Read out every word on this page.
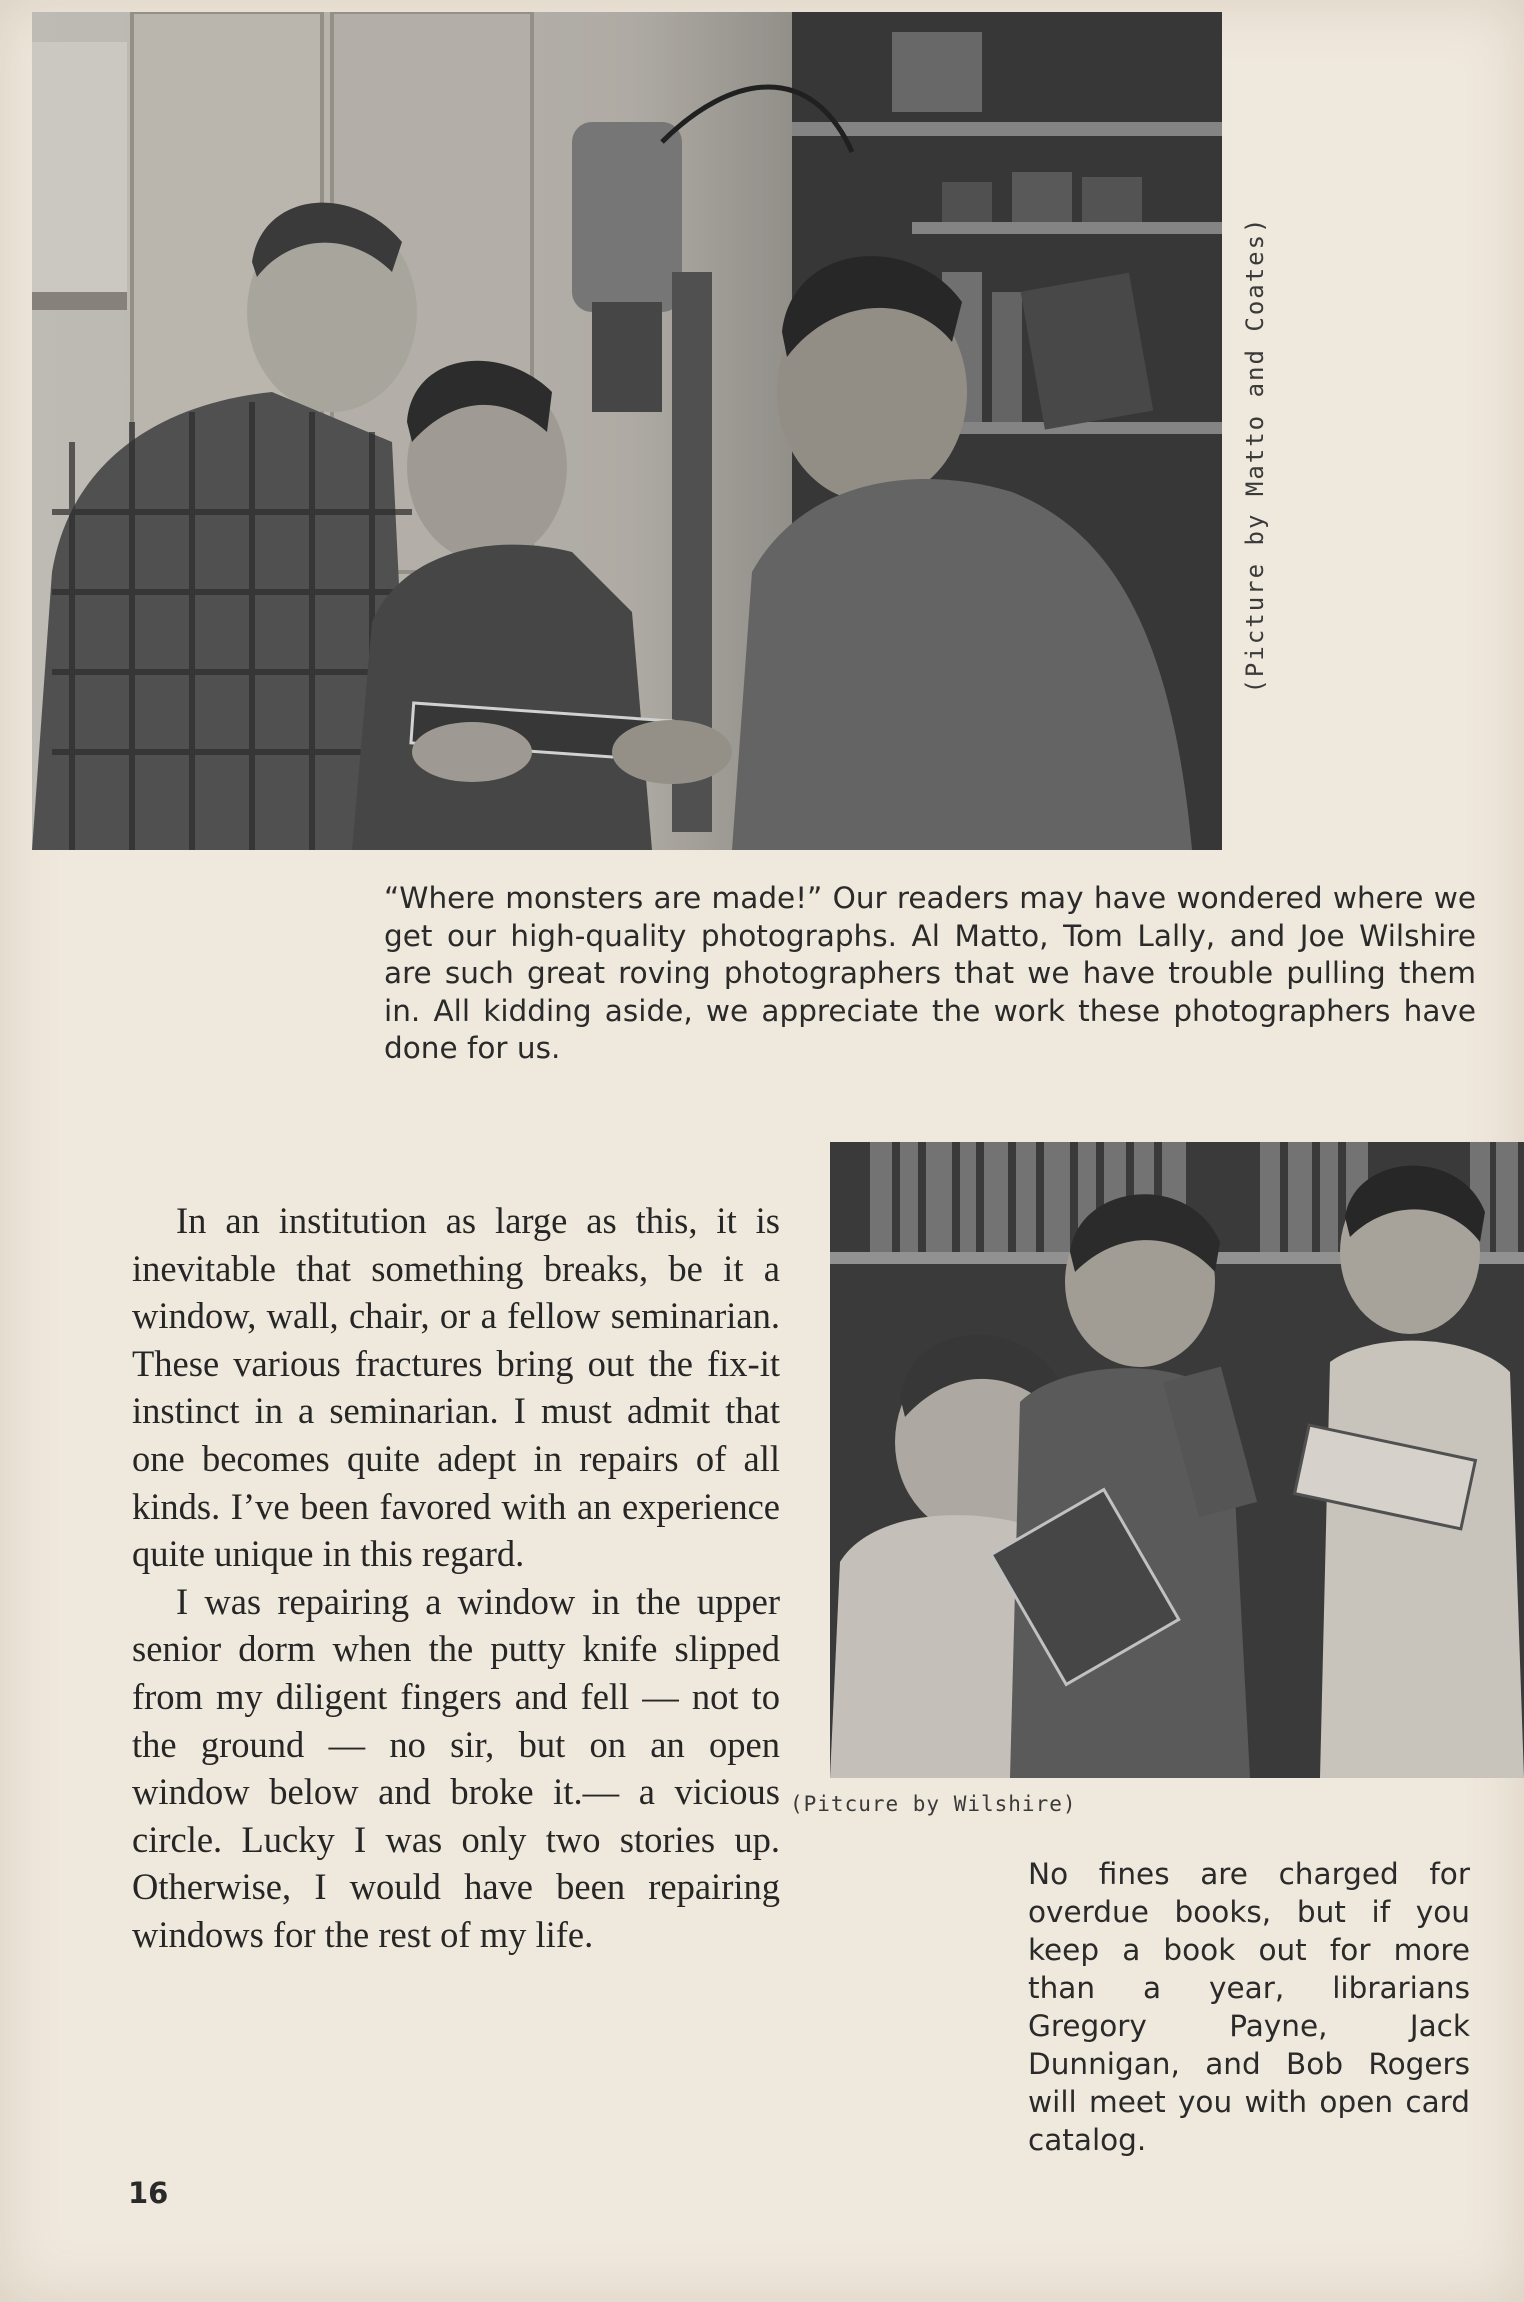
(Picture by Matto and Coates)

“Where monsters are made!” Our readers may have wondered where we get our high-quality photographs. Al Matto, Tom Lally, and Joe Wilshire are such great roving photographers that we have trouble pulling them in. All kidding aside, we appreciate the work these photographers have done for us.

(Pitcure by Wilshire)

In an institution as large as this, it is inevitable that something breaks, be it a window, wall, chair, or a fellow seminarian. These various fractures bring out the fix-it instinct in a seminarian. I must admit that one becomes quite adept in repairs of all kinds. I’ve been favored with an experience quite unique in this regard.

I was repairing a window in the upper senior dorm when the putty knife slipped from my diligent fingers and fell — not to the ground — no sir, but on an open window below and broke it.— a vicious circle. Lucky I was only two stories up. Otherwise, I would have been repairing windows for the rest of my life.

No fines are charged for overdue books, but if you keep a book out for more than a year, librarians Gregory Payne, Jack Dunnigan, and Bob Rogers will meet you with open card catalog.

16
